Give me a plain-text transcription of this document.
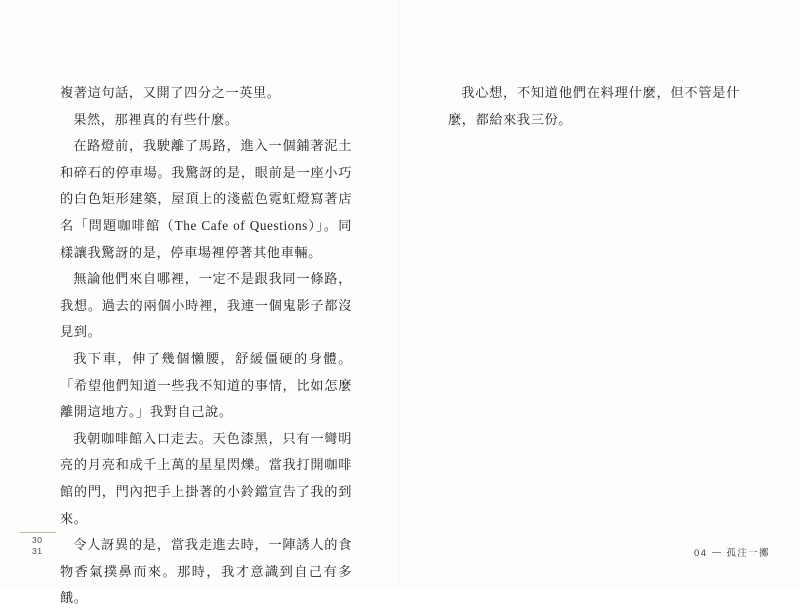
複著這句話，又開了四分之一英里。

果然，那裡真的有些什麼。

在路燈前，我駛離了馬路，進入一個鋪著泥土和碎石的停車場。我驚訝的是，眼前是一座小巧的白色矩形建築，屋頂上的淺藍色霓虹燈寫著店名「問題咖啡館（The Cafe of Questions）」。同樣讓我驚訝的是，停車場裡停著其他車輛。

無論他們來自哪裡，一定不是跟我同一條路，我想。過去的兩個小時裡，我連一個鬼影子都沒見到。

我下車，伸了幾個懶腰，舒緩僵硬的身體。「希望他們知道一些我不知道的事情，比如怎麼離開這地方。」我對自己說。

我朝咖啡館入口走去。天色漆黑，只有一彎明亮的月亮和成千上萬的星星閃爍。當我打開咖啡館的門，門內把手上掛著的小鈴鐺宣告了我的到來。

令人訝異的是，當我走進去時，一陣誘人的食物香氣撲鼻而來。那時，我才意識到自己有多餓。

30
31

我心想，不知道他們在料理什麼，但不管是什麼，都給來我三份。

04 孤注一擲
